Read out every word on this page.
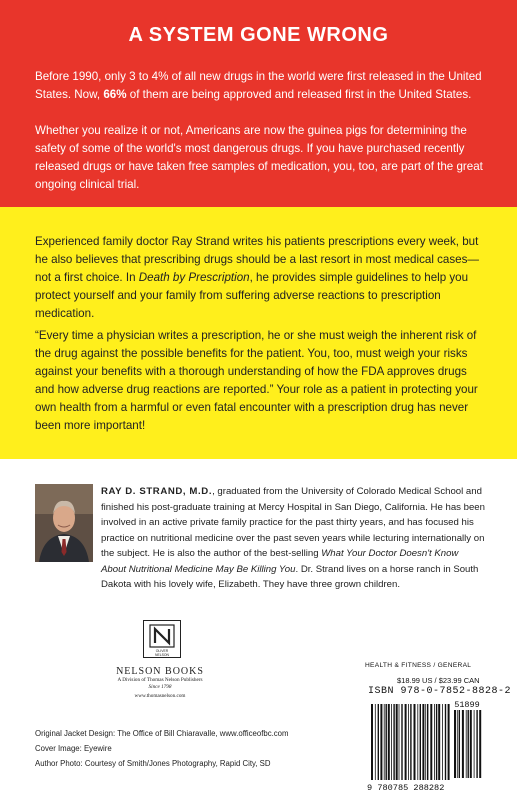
A SYSTEM GONE WRONG

Before 1990, only 3 to 4% of all new drugs in the world were first released in the United States. Now, 66% of them are being approved and released first in the United States.

Whether you realize it or not, Americans are now the guinea pigs for determining the safety of some of the world's most dangerous drugs. If you have purchased recently released drugs or have taken free samples of medication, you, too, are part of the great ongoing clinical trial.

Experienced family doctor Ray Strand writes his patients prescriptions every week, but he also believes that prescribing drugs should be a last resort in most medical cases—not a first choice. In Death by Prescription, he provides simple guidelines to help you protect yourself and your family from suffering adverse reactions to prescription medication.

“Every time a physician writes a prescription, he or she must weigh the inherent risk of the drug against the possible benefits for the patient. You, too, must weigh your risks against your benefits with a thorough understanding of how the FDA approves drugs and how adverse drug reactions are reported.” Your role as a patient in protecting your own health from a harmful or even fatal encounter with a prescription drug has never been more important!

RAY D. STRAND, M.D., graduated from the University of Colorado Medical School and finished his post-graduate training at Mercy Hospital in San Diego, California. He has been involved in an active private family practice for the past thirty years, and has focused his practice on nutritional medicine over the past seven years while lecturing internationally on the subject. He is also the author of the best-selling What Your Doctor Doesn't Know About Nutritional Medicine May Be Killing You. Dr. Strand lives on a horse ranch in South Dakota with his lovely wife, Elizabeth. They have three grown children.
OLIVER
NELSON
NELSON BOOKS
A Division of Thomas Nelson Publishers
Since 1798
www.thomasnelson.com
HEALTH & FITNESS / GENERAL
$18.99 US / $23.99 CAN
ISBN 978-0-7852-8828-2
51899
9 780785 288282
Original Jacket Design: The Office of Bill Chiaravalle, www.officeofbc.com
Cover Image: Eyewire
Author Photo: Courtesy of Smith/Jones Photography, Rapid City, SD
